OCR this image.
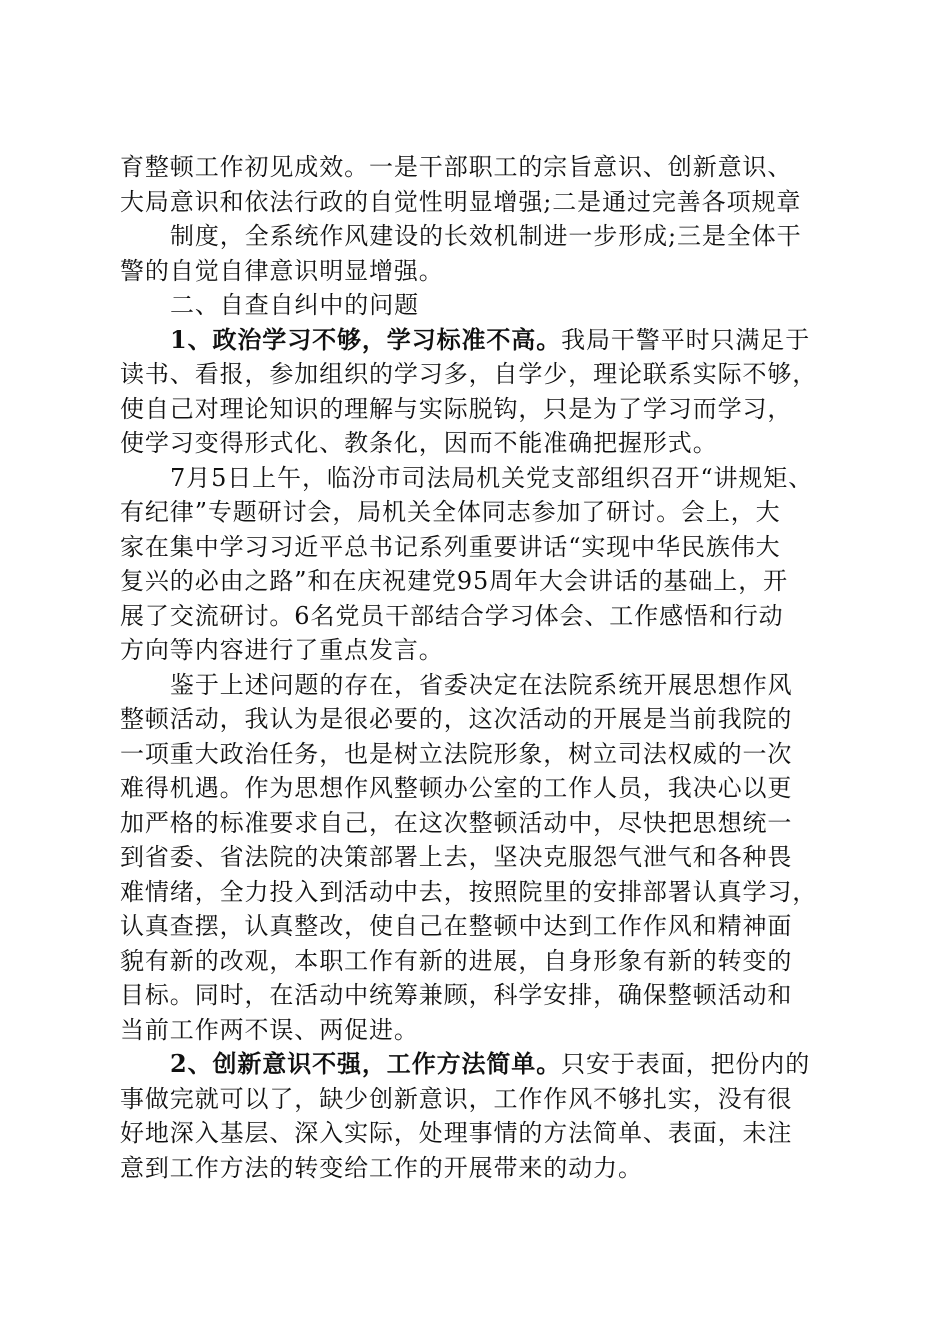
育整顿工作初见成效。一是干部职工的宗旨意识、创新意识、
大局意识和依法行政的自觉性明显增强;二是通过完善各项规章
制度，全系统作风建设的长效机制进一步形成;三是全体干
警的自觉自律意识明显增强。
二、自查自纠中的问题
1、政治学习不够，学习标准不高。我局干警平时只满足于
读书、看报，参加组织的学习多，自学少，理论联系实际不够，
使自己对理论知识的理解与实际脱钩，只是为了学习而学习，
使学习变得形式化、教条化，因而不能准确把握形式。
7月5日上午，临汾市司法局机关党支部组织召开“讲规矩、
有纪律”专题研讨会，局机关全体同志参加了研讨。会上，大
家在集中学习习近平总书记系列重要讲话“实现中华民族伟大
复兴的必由之路”和在庆祝建党95周年大会讲话的基础上，开
展了交流研讨。6名党员干部结合学习体会、工作感悟和行动
方向等内容进行了重点发言。
鉴于上述问题的存在，省委决定在法院系统开展思想作风
整顿活动，我认为是很必要的，这次活动的开展是当前我院的
一项重大政治任务，也是树立法院形象，树立司法权威的一次
难得机遇。作为思想作风整顿办公室的工作人员，我决心以更
加严格的标准要求自己，在这次整顿活动中，尽快把思想统一
到省委、省法院的决策部署上去，坚决克服怨气泄气和各种畏
难情绪，全力投入到活动中去，按照院里的安排部署认真学习，
认真查摆，认真整改，使自己在整顿中达到工作作风和精神面
貌有新的改观，本职工作有新的进展，自身形象有新的转变的
目标。同时，在活动中统筹兼顾，科学安排，确保整顿活动和
当前工作两不误、两促进。
2、创新意识不强，工作方法简单。只安于表面，把份内的
事做完就可以了，缺少创新意识，工作作风不够扎实，没有很
好地深入基层、深入实际，处理事情的方法简单、表面，未注
意到工作方法的转变给工作的开展带来的动力。
